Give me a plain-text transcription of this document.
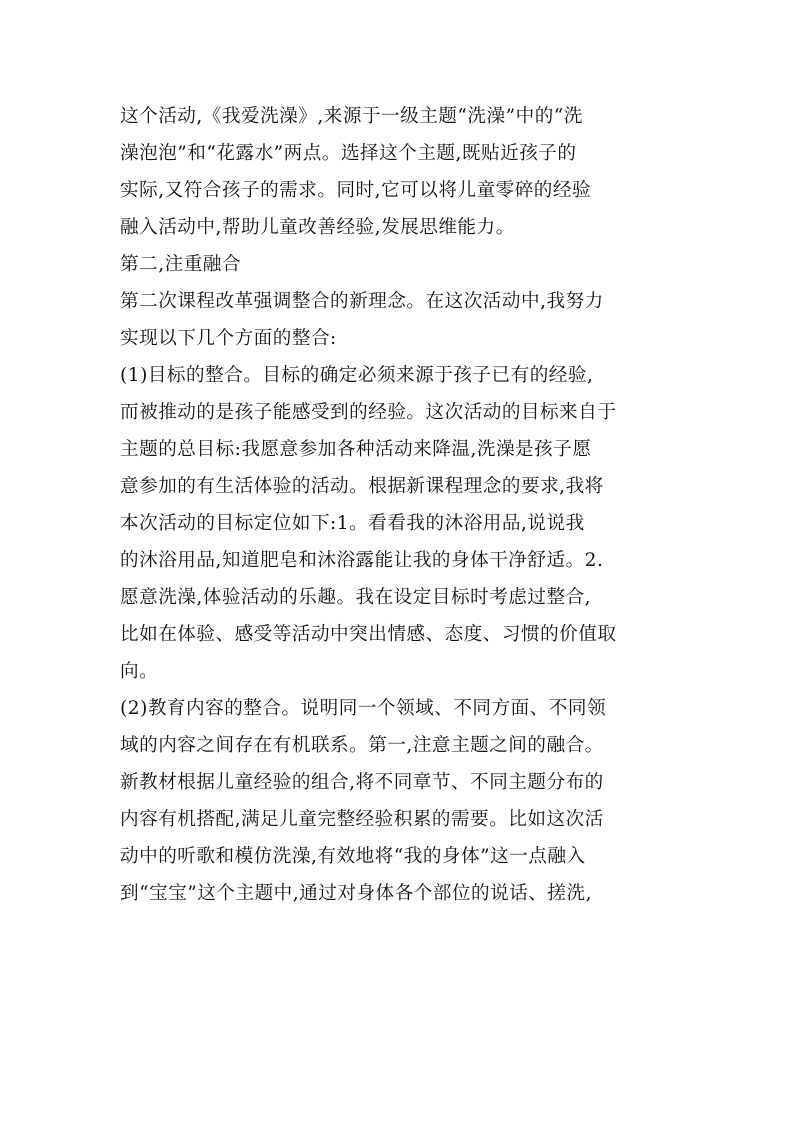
这个活动,《我爱洗澡》,来源于一级主题“洗澡”中的“洗
澡泡泡”和“花露水”两点。选择这个主题,既贴近孩子的
实际,又符合孩子的需求。同时,它可以将儿童零碎的经验
融入活动中,帮助儿童改善经验,发展思维能力。
第二,注重融合
第二次课程改革强调整合的新理念。在这次活动中,我努力
实现以下几个方面的整合:
(1)目标的整合。目标的确定必须来源于孩子已有的经验,
而被推动的是孩子能感受到的经验。这次活动的目标来自于
主题的总目标:我愿意参加各种活动来降温,洗澡是孩子愿
意参加的有生活体验的活动。根据新课程理念的要求,我将
本次活动的目标定位如下:1。看看我的沐浴用品,说说我
的沐浴用品,知道肥皂和沐浴露能让我的身体干净舒适。2.
愿意洗澡,体验活动的乐趣。我在设定目标时考虑过整合,
比如在体验、感受等活动中突出情感、态度、习惯的价值取
向。
(2)教育内容的整合。说明同一个领域、不同方面、不同领
域的内容之间存在有机联系。第一,注意主题之间的融合。
新教材根据儿童经验的组合,将不同章节、不同主题分布的
内容有机搭配,满足儿童完整经验积累的需要。比如这次活
动中的听歌和模仿洗澡,有效地将“我的身体”这一点融入
到“宝宝”这个主题中,通过对身体各个部位的说话、搓洗,
